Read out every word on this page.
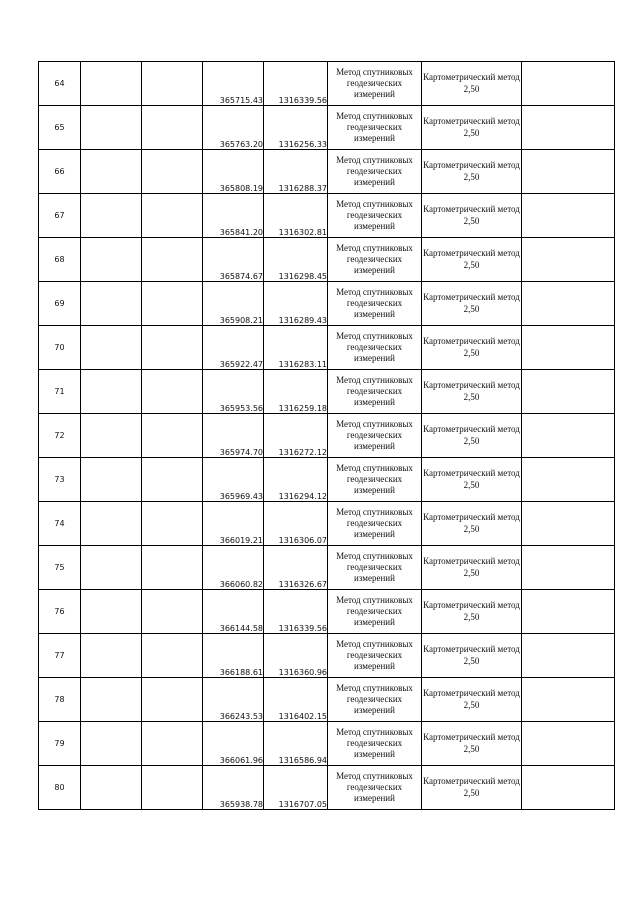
64			365715.43	1316339.56	Метод спутниковых геодезических измерений	Картометрический метод 2,50	
65			365763.20	1316256.33	Метод спутниковых геодезических измерений	Картометрический метод 2,50	
66			365808.19	1316288.37	Метод спутниковых геодезических измерений	Картометрический метод 2,50	
67			365841.20	1316302.81	Метод спутниковых геодезических измерений	Картометрический метод 2,50	
68			365874.67	1316298.45	Метод спутниковых геодезических измерений	Картометрический метод 2,50	
69			365908.21	1316289.43	Метод спутниковых геодезических измерений	Картометрический метод 2,50	
70			365922.47	1316283.11	Метод спутниковых геодезических измерений	Картометрический метод 2,50	
71			365953.56	1316259.18	Метод спутниковых геодезических измерений	Картометрический метод 2,50	
72			365974.70	1316272.12	Метод спутниковых геодезических измерений	Картометрический метод 2,50	
73			365969.43	1316294.12	Метод спутниковых геодезических измерений	Картометрический метод 2,50	
74			366019.21	1316306.07	Метод спутниковых геодезических измерений	Картометрический метод 2,50	
75			366060.82	1316326.67	Метод спутниковых геодезических измерений	Картометрический метод 2,50	
76			366144.58	1316339.56	Метод спутниковых геодезических измерений	Картометрический метод 2,50	
77			366188.61	1316360.96	Метод спутниковых геодезических измерений	Картометрический метод 2,50	
78			366243.53	1316402.15	Метод спутниковых геодезических измерений	Картометрический метод 2,50	
79			366061.96	1316586.94	Метод спутниковых геодезических измерений	Картометрический метод 2,50	
80			365938.78	1316707.05	Метод спутниковых геодезических измерений	Картометрический метод 2,50	
